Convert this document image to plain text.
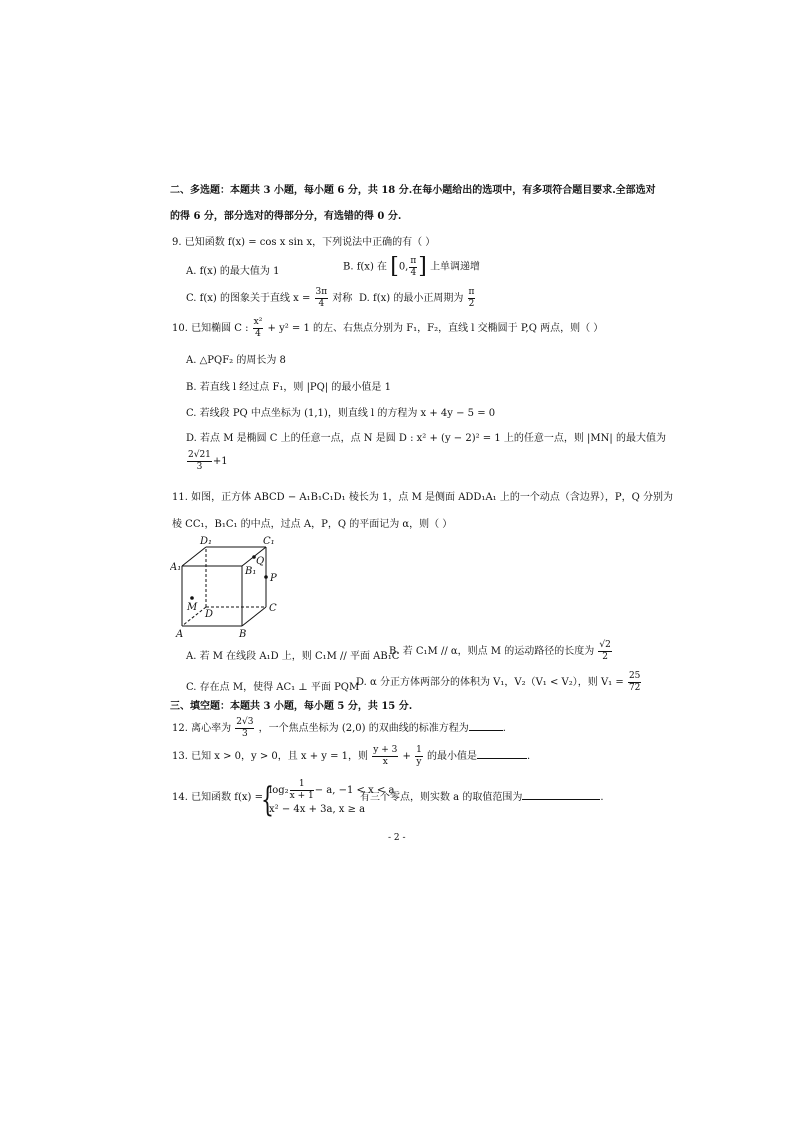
二、多选题：本题共 3 小题，每小题 6 分，共 18 分.在每小题给出的选项中，有多项符合题目要求.全部选对
的得 6 分，部分选对的得部分分，有选错的得 0 分.
9. 已知函数 f(x) = cos x sin x，下列说法中正确的有（ ）
A. f(x) 的最大值为 1	B. f(x) 在 [0, $\frac{\pi}{4}$ ] 上单调递增
C. f(x) 的图象关于直线 $x = \frac{3\pi}{4}$ 对称 D. f(x) 的最小正周期为 $\frac{\pi}{2}$
10. 已知椭圆 C : $\frac{\text{x²}}{4} + y^2 = 1$ 的左、右焦点分别为 F₁，F₂，直线 l 交椭圆于 P,Q 两点，则（ ）
A. △PQF₂ 的周长为 8
B. 若直线 l 经过点 F₁，则 |PQ| 的最小值是 1
C. 若线段 PQ 中点坐标为 (1,1)，则直线 l 的方程为 x + 4y − 5 = 0
D. 若点 M 是椭圆 C 上的任意一点，点 N 是圆 D : x² + (y − 2)² = 1 上的任意一点，则 |MN| 的最大值为
$\frac{2√21}{3} +1$
11. 如图，正方体 ABCD − A₁B₁C₁D₁ 棱长为 1，点 M 是侧面 ADD₁A₁ 上的一个动点（含边界），P，Q 分别为
棱 CC₁，B₁C₁ 的中点，过点 A，P，Q 的平面记为 α，则（ ）
A	B
C
D
A₁	B₁
C₁
D₁
M
P
Q
A. 若 M 在线段 A₁D 上，则 C₁M // 平面 AB₁C
B. 若 C₁M // α，则点 M 的运动路径的长度为 $\frac{√2}{2}$
C. 存在点 M，使得 AC₁ ⊥ 平面 PQM
D. α 分正方体两部分的体积为 V₁，V₂（V₁ < V₂），则 $V_1 = \frac{25}{72}$
三、填空题：本题共 3 小题，每小题 5 分，共 15 分.
12. 离心率为 $\frac{2√3}{3}$ ，一个焦点坐标为 (2,0) 的双曲线的标准方程为	.
13. 已知 x > 0，y > 0，且 x + y = 1，则 $\frac{y + 3}{x} + \frac{1}{y}$ 的最小值是	.
14. 已知函数 f(x) =
{
$\log_2 \frac{1}{x + 1} - a$, −1 < x < a
x² − 4x + 3a, x ≥ a
有三个零点，则实数 a 的取值范围为	.
- 2 -
